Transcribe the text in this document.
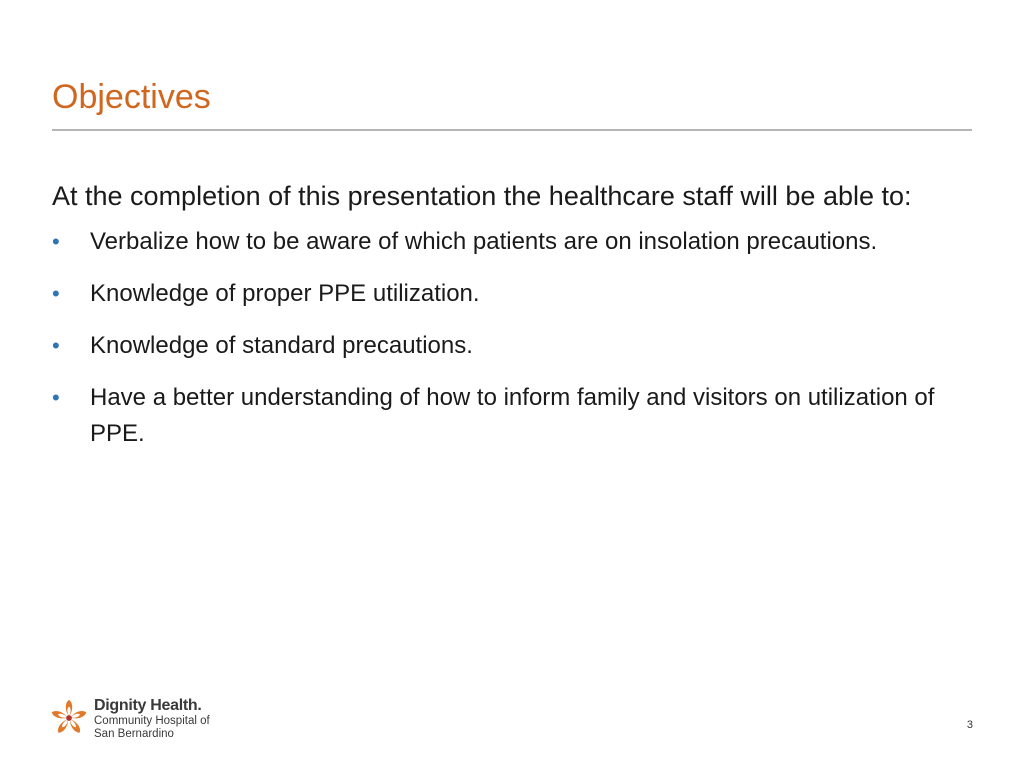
Objectives

At the completion of this presentation the healthcare staff will be able to:

• Verbalize how to be aware of which patients are on insolation precautions.
• Knowledge of proper PPE utilization.
• Knowledge of standard precautions.
• Have a better understanding of how to inform family and visitors on utilization of PPE.
Dignity Health.
Community Hospital of
San Bernardino
3
